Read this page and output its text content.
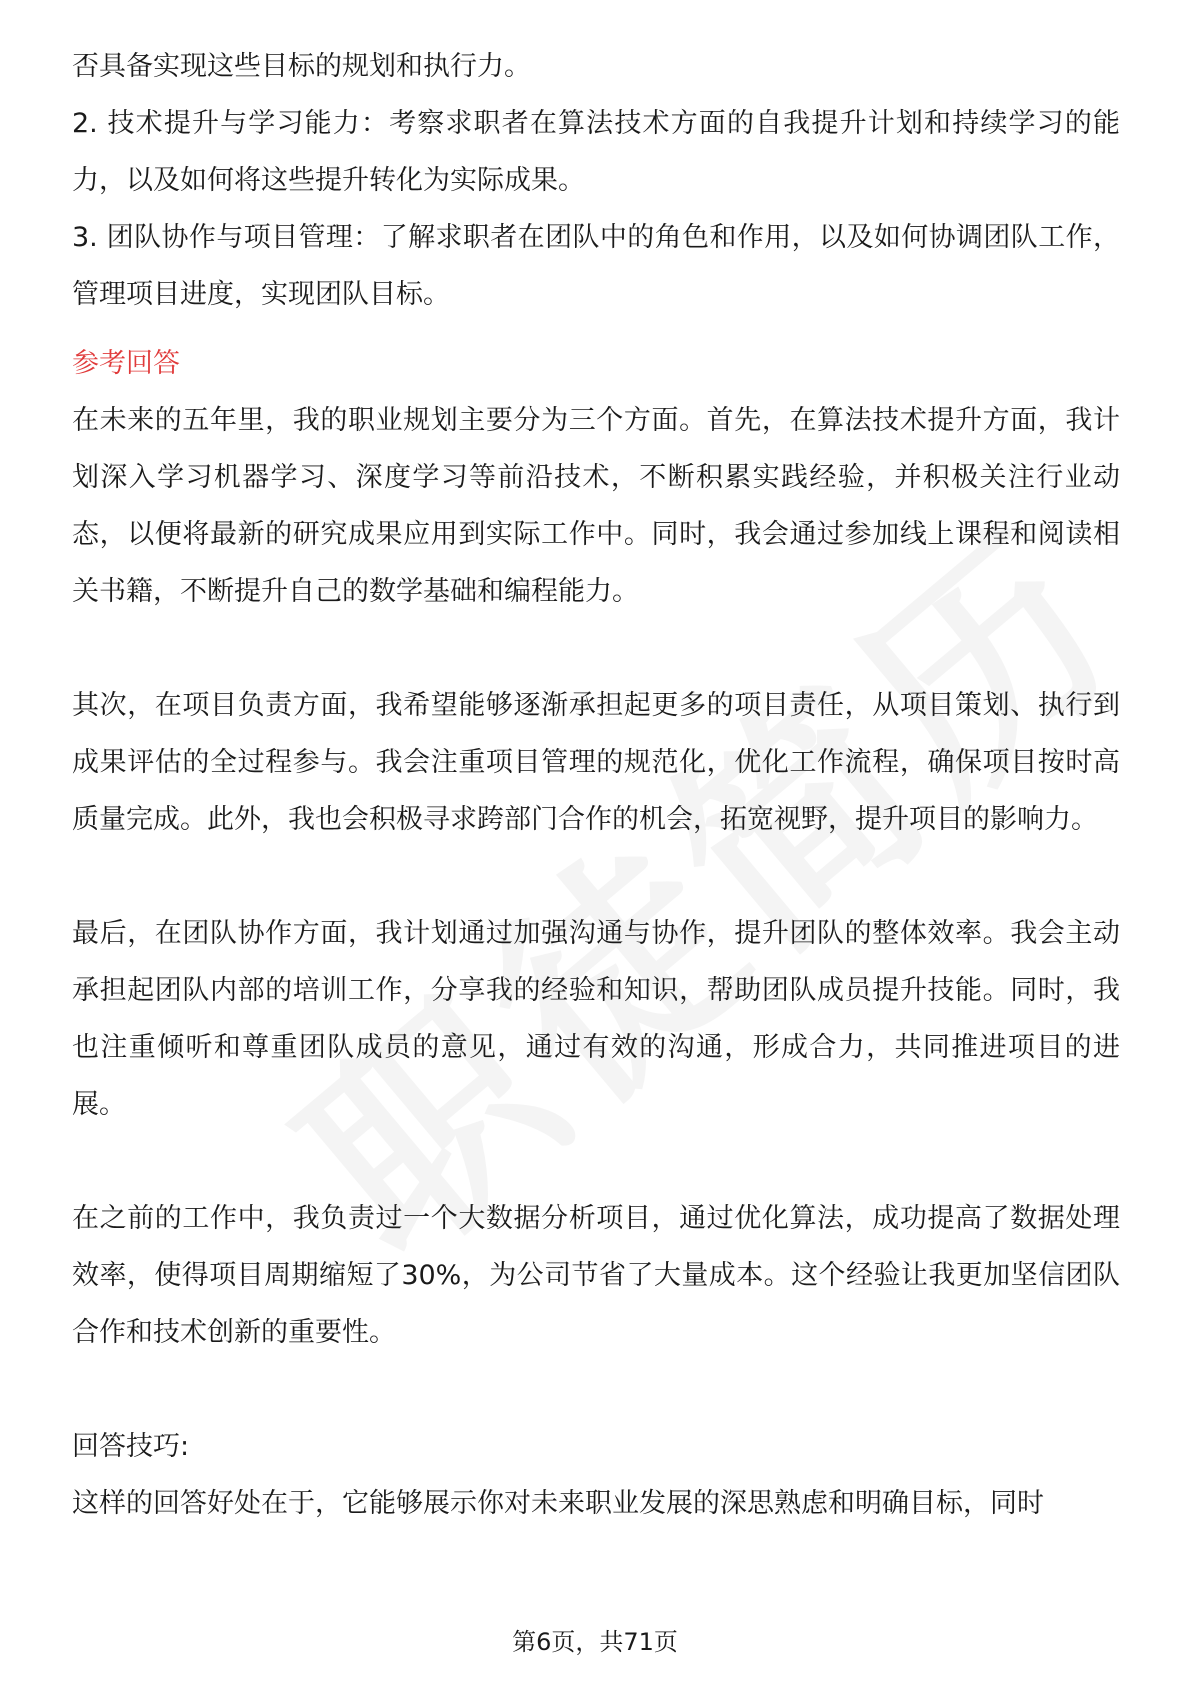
否具备实现这些目标的规划和执行力。

2. 技术提升与学习能力：考察求职者在算法技术方面的自我提升计划和持续学习的能力，以及如何将这些提升转化为实际成果。

3. 团队协作与项目管理：了解求职者在团队中的角色和作用，以及如何协调团队工作，管理项目进度，实现团队目标。

参考回答

在未来的五年里，我的职业规划主要分为三个方面。首先，在算法技术提升方面，我计划深入学习机器学习、深度学习等前沿技术，不断积累实践经验，并积极关注行业动态，以便将最新的研究成果应用到实际工作中。同时，我会通过参加线上课程和阅读相关书籍，不断提升自己的数学基础和编程能力。

其次，在项目负责方面，我希望能够逐渐承担起更多的项目责任，从项目策划、执行到成果评估的全过程参与。我会注重项目管理的规范化，优化工作流程，确保项目按时高质量完成。此外，我也会积极寻求跨部门合作的机会，拓宽视野，提升项目的影响力。

最后，在团队协作方面，我计划通过加强沟通与协作，提升团队的整体效率。我会主动承担起团队内部的培训工作，分享我的经验和知识，帮助团队成员提升技能。同时，我也注重倾听和尊重团队成员的意见，通过有效的沟通，形成合力，共同推进项目的进展。

在之前的工作中，我负责过一个大数据分析项目，通过优化算法，成功提高了数据处理效率，使得项目周期缩短了30%，为公司节省了大量成本。这个经验让我更加坚信团队合作和技术创新的重要性。

回答技巧:

这样的回答好处在于，它能够展示你对未来职业发展的深思熟虑和明确目标，同时

第6页，共71页
